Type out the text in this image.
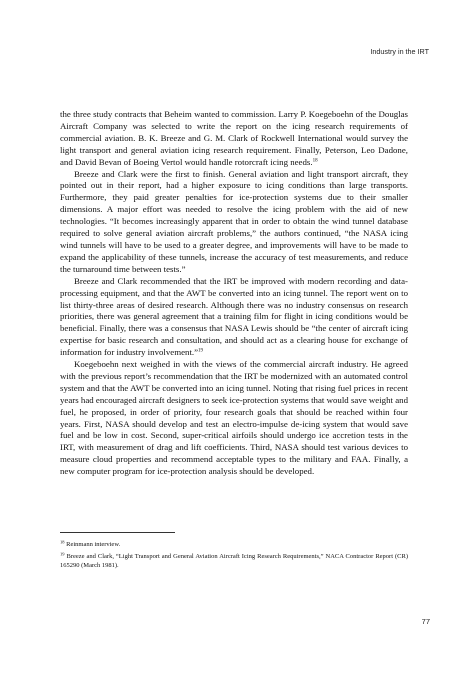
Industry in the IRT

the three study contracts that Beheim wanted to commission. Larry P. Koegeboehn of the Douglas Aircraft Company was selected to write the report on the icing research requirements of commercial aviation. B. K. Breeze and G. M. Clark of Rockwell International would survey the light transport and general aviation icing research requirement. Finally, Peterson, Leo Dadone, and David Bevan of Boeing Vertol would handle rotorcraft icing needs.$^{18}$

Breeze and Clark were the first to finish. General aviation and light transport aircraft, they pointed out in their report, had a higher exposure to icing conditions than large transports. Furthermore, they paid greater penalties for ice-protection systems due to their smaller dimensions. A major effort was needed to resolve the icing problem with the aid of new technologies. “It becomes increasingly apparent that in order to obtain the wind tunnel database required to solve general aviation aircraft problems,” the authors continued, “the NASA icing wind tunnels will have to be used to a greater degree, and improvements will have to be made to expand the applicability of these tunnels, increase the accuracy of test measurements, and reduce the turnaround time between tests.”

Breeze and Clark recommended that the IRT be improved with modern recording and data-processing equipment, and that the AWT be converted into an icing tunnel. The report went on to list thirty-three areas of desired research. Although there was no industry consensus on research priorities, there was general agreement that a training film for flight in icing conditions would be beneficial. Finally, there was a consensus that NASA Lewis should be “the center of aircraft icing expertise for basic research and consultation, and should act as a clearing house for exchange of information for industry involvement.”$^{19}$

Koegeboehn next weighed in with the views of the commercial aircraft industry. He agreed with the previous report’s recommendation that the IRT be modernized with an automated control system and that the AWT be converted into an icing tunnel. Noting that rising fuel prices in recent years had encouraged aircraft designers to seek ice-protection systems that would save weight and fuel, he proposed, in order of priority, four research goals that should be reached within four years. First, NASA should develop and test an electro-impulse de-icing system that would save fuel and be low in cost. Second, super-critical airfoils should undergo ice accretion tests in the IRT, with measurement of drag and lift coefficients. Third, NASA should test various devices to measure cloud properties and recommend acceptable types to the military and FAA. Finally, a new computer program for ice-protection analysis should be developed.

$^{18}$ Reinmann interview.

$^{19}$ Breeze and Clark, “Light Transport and General Aviation Aircraft Icing Research Requirements,” NACA Contractor Report (CR) 165290 (March 1981).

77
